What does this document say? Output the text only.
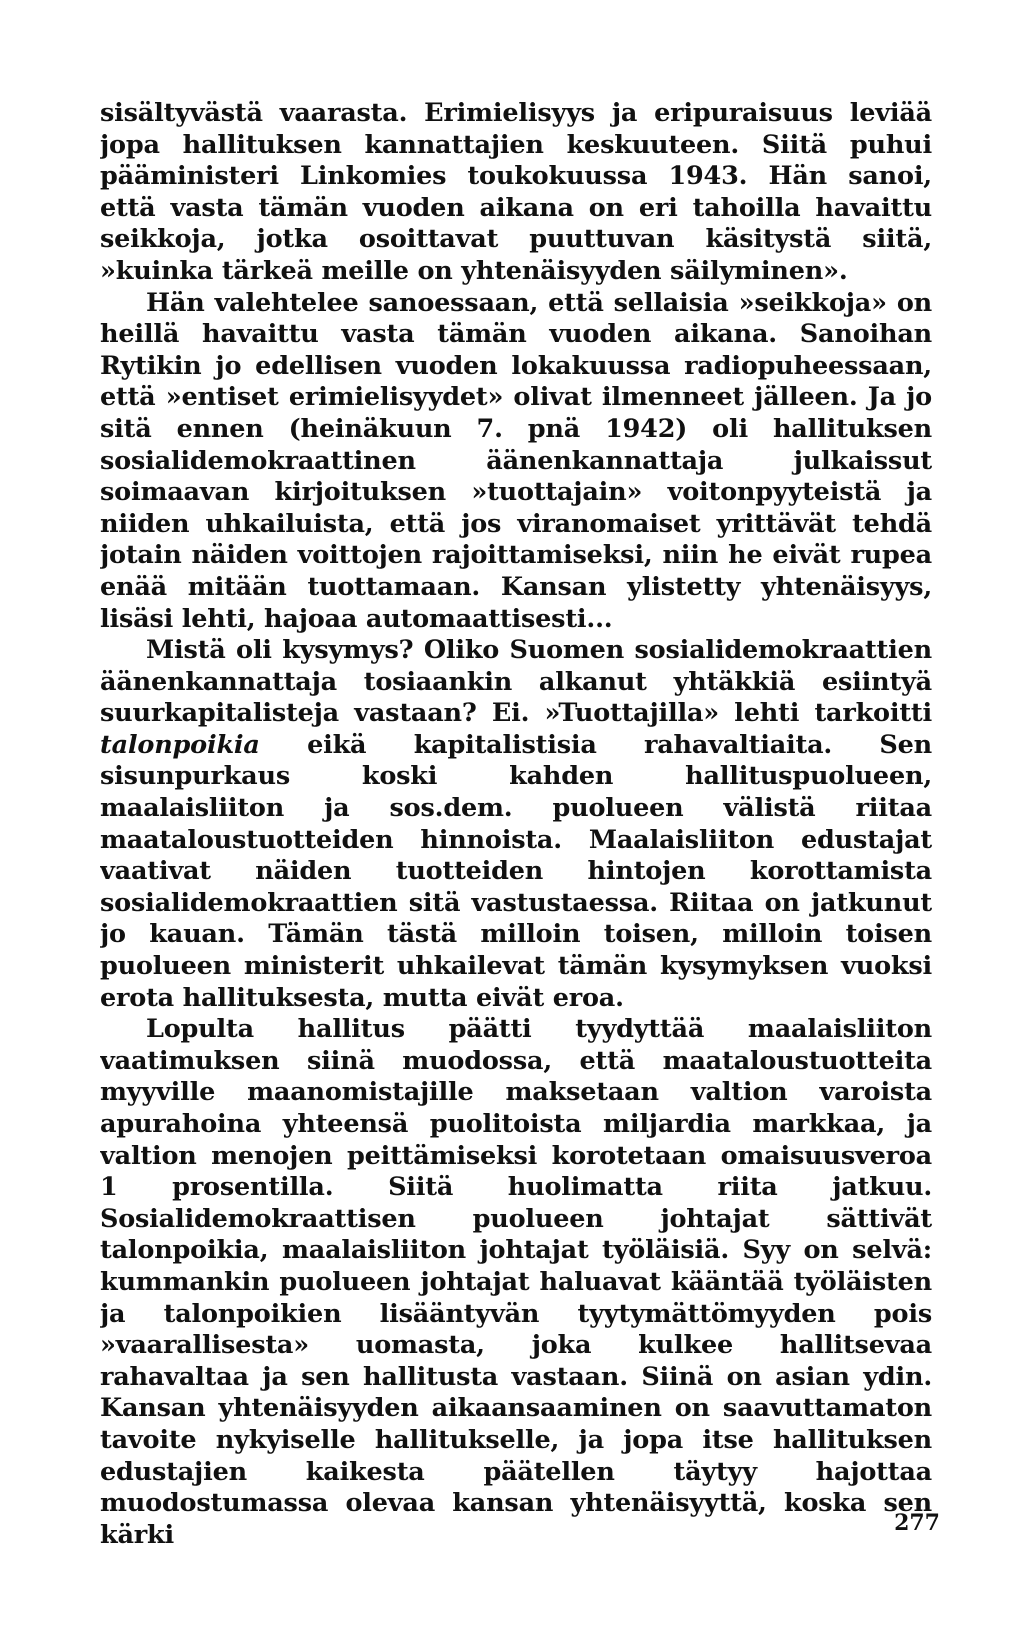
sisältyvästä vaarasta. Erimielisyys ja eripuraisuus leviää jopa hallituksen kannattajien keskuuteen. Siitä puhui pääministeri Linkomies toukokuussa 1943. Hän sanoi, että vasta tämän vuoden aikana on eri tahoilla havaittu seikkoja, jotka osoittavat puuttuvan käsitystä siitä, »kuinka tärkeä meille on yhtenäisyyden säilyminen».

Hän valehtelee sanoessaan, että sellaisia »seikkoja» on heillä havaittu vasta tämän vuoden aikana. Sanoihan Rytikin jo edellisen vuoden lokakuussa radiopuheessaan, että »entiset erimielisyydet» olivat ilmenneet jälleen. Ja jo sitä ennen (heinäkuun 7. pnä 1942) oli hallituksen sosialidemokraattinen äänenkannattaja julkaissut soimaavan kirjoituksen »tuottajain» voitonpyyteistä ja niiden uhkailuista, että jos viranomaiset yrittävät tehdä jotain näiden voittojen rajoittamiseksi, niin he eivät rupea enää mitään tuottamaan. Kansan ylistetty yhtenäisyys, lisäsi lehti, hajoaa automaattisesti...

Mistä oli kysymys? Oliko Suomen sosialidemokraattien äänenkannattaja tosiaankin alkanut yhtäkkiä esiintyä suurkapitalisteja vastaan? Ei. »Tuottajilla» lehti tarkoitti talonpoikia eikä kapitalistisia rahavaltiaita. Sen sisunpurkaus koski kahden hallituspuolueen, maalaisliiton ja sos.dem. puolueen välistä riitaa maataloustuotteiden hinnoista. Maalaisliiton edustajat vaativat näiden tuotteiden hintojen korottamista sosialidemokraattien sitä vastustaessa. Riitaa on jatkunut jo kauan. Tämän tästä milloin toisen, milloin toisen puolueen ministerit uhkailevat tämän kysymyksen vuoksi erota hallituksesta, mutta eivät eroa.

Lopulta hallitus päätti tyydyttää maalaisliiton vaatimuksen siinä muodossa, että maataloustuotteita myyville maanomistajille maksetaan valtion varoista apurahoina yhteensä puolitoista miljardia markkaa, ja valtion menojen peittämiseksi korotetaan omaisuusveroa 1 prosentilla. Siitä huolimatta riita jatkuu. Sosialidemokraattisen puolueen johtajat sättivät talonpoikia, maalaisliiton johtajat työläisiä. Syy on selvä: kummankin puolueen johtajat haluavat kääntää työläisten ja talonpoikien lisääntyvän tyytymättömyyden pois »vaarallisesta» uomasta, joka kulkee hallitsevaa rahavaltaa ja sen hallitusta vastaan. Siinä on asian ydin. Kansan yhtenäisyyden aikaansaaminen on saavuttamaton tavoite nykyiselle hallitukselle, ja jopa itse hallituksen edustajien kaikesta päätellen täytyy hajottaa muodostumassa olevaa kansan yhtenäisyyttä, koska sen kärki	277
